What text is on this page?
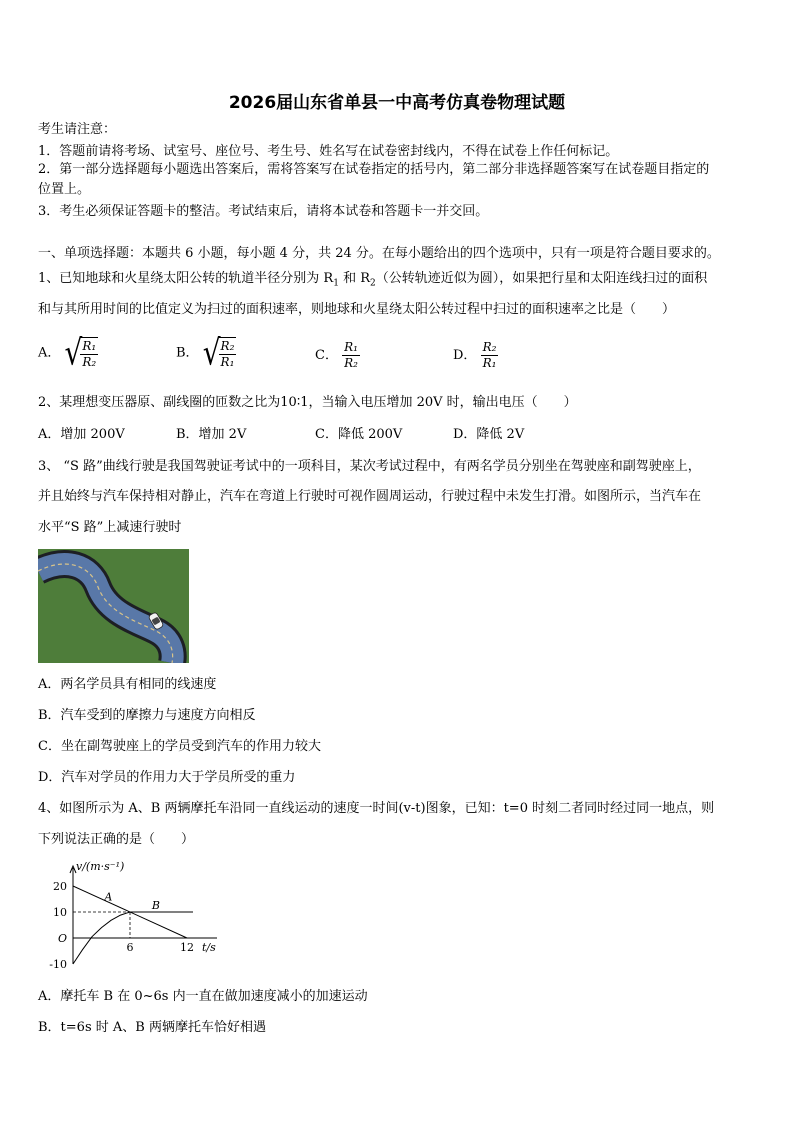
2026届山东省单县一中高考仿真卷物理试题
考生请注意：
1．答题前请将考场、试室号、座位号、考生号、姓名写在试卷密封线内，不得在试卷上作任何标记。
2．第一部分选择题每小题选出答案后，需将答案写在试卷指定的括号内，第二部分非选择题答案写在试卷题目指定的
位置上。
3．考生必须保证答题卡的整洁。考试结束后，请将本试卷和答题卡一并交回。
一、单项选择题：本题共 6 小题，每小题 4 分，共 24 分。在每小题给出的四个选项中，只有一项是符合题目要求的。
1、已知地球和火星绕太阳公转的轨道半径分别为 $R_1$ 和 $R_2$（公转轨迹近似为圆），如果把行星和太阳连线扫过的面积
和与其所用时间的比值定义为扫过的面积速率，则地球和火星绕太阳公转过程中扫过的面积速率之比是（　　）
A． √
$\frac{\text{R₁}}{\text{R₂}}$	B． √
$\frac{\text{R₂}}{\text{R₁}}$	C． $\frac{\text{R₁}}{\text{R₂}}$	D． $\frac{\text{R₂}}{\text{R₁}}$
2、某理想变压器原、副线圈的匝数之比为10∶1，当输入电压增加 20V 时，输出电压（　　）
A．增加 200V	B．增加 2V	C．降低 200V	D．降低 2V
3、 “S 路”曲线行驶是我国驾驶证考试中的一项科目，某次考试过程中，有两名学员分别坐在驾驶座和副驾驶座上，
并且始终与汽车保持相对静止，汽车在弯道上行驶时可视作圆周运动，行驶过程中未发生打滑。如图所示，当汽车在
水平“S 路”上减速行驶时
A．两名学员具有相同的线速度
B．汽车受到的摩擦力与速度方向相反
C．坐在副驾驶座上的学员受到汽车的作用力较大
D．汽车对学员的作用力大于学员所受的重力
4、如图所示为 A、B 两辆摩托车沿同一直线运动的速度一时间(v-t)图象，已知：t=0 时刻二者同时经过同一地点，则
下列说法正确的是（　　）
A
B
20
10
-10
O
6	12
v/(m·s⁻¹)
t/s
A．摩托车 B 在 0~6s 内一直在做加速度减小的加速运动
B．t=6s 时 A、B 两辆摩托车恰好相遇
